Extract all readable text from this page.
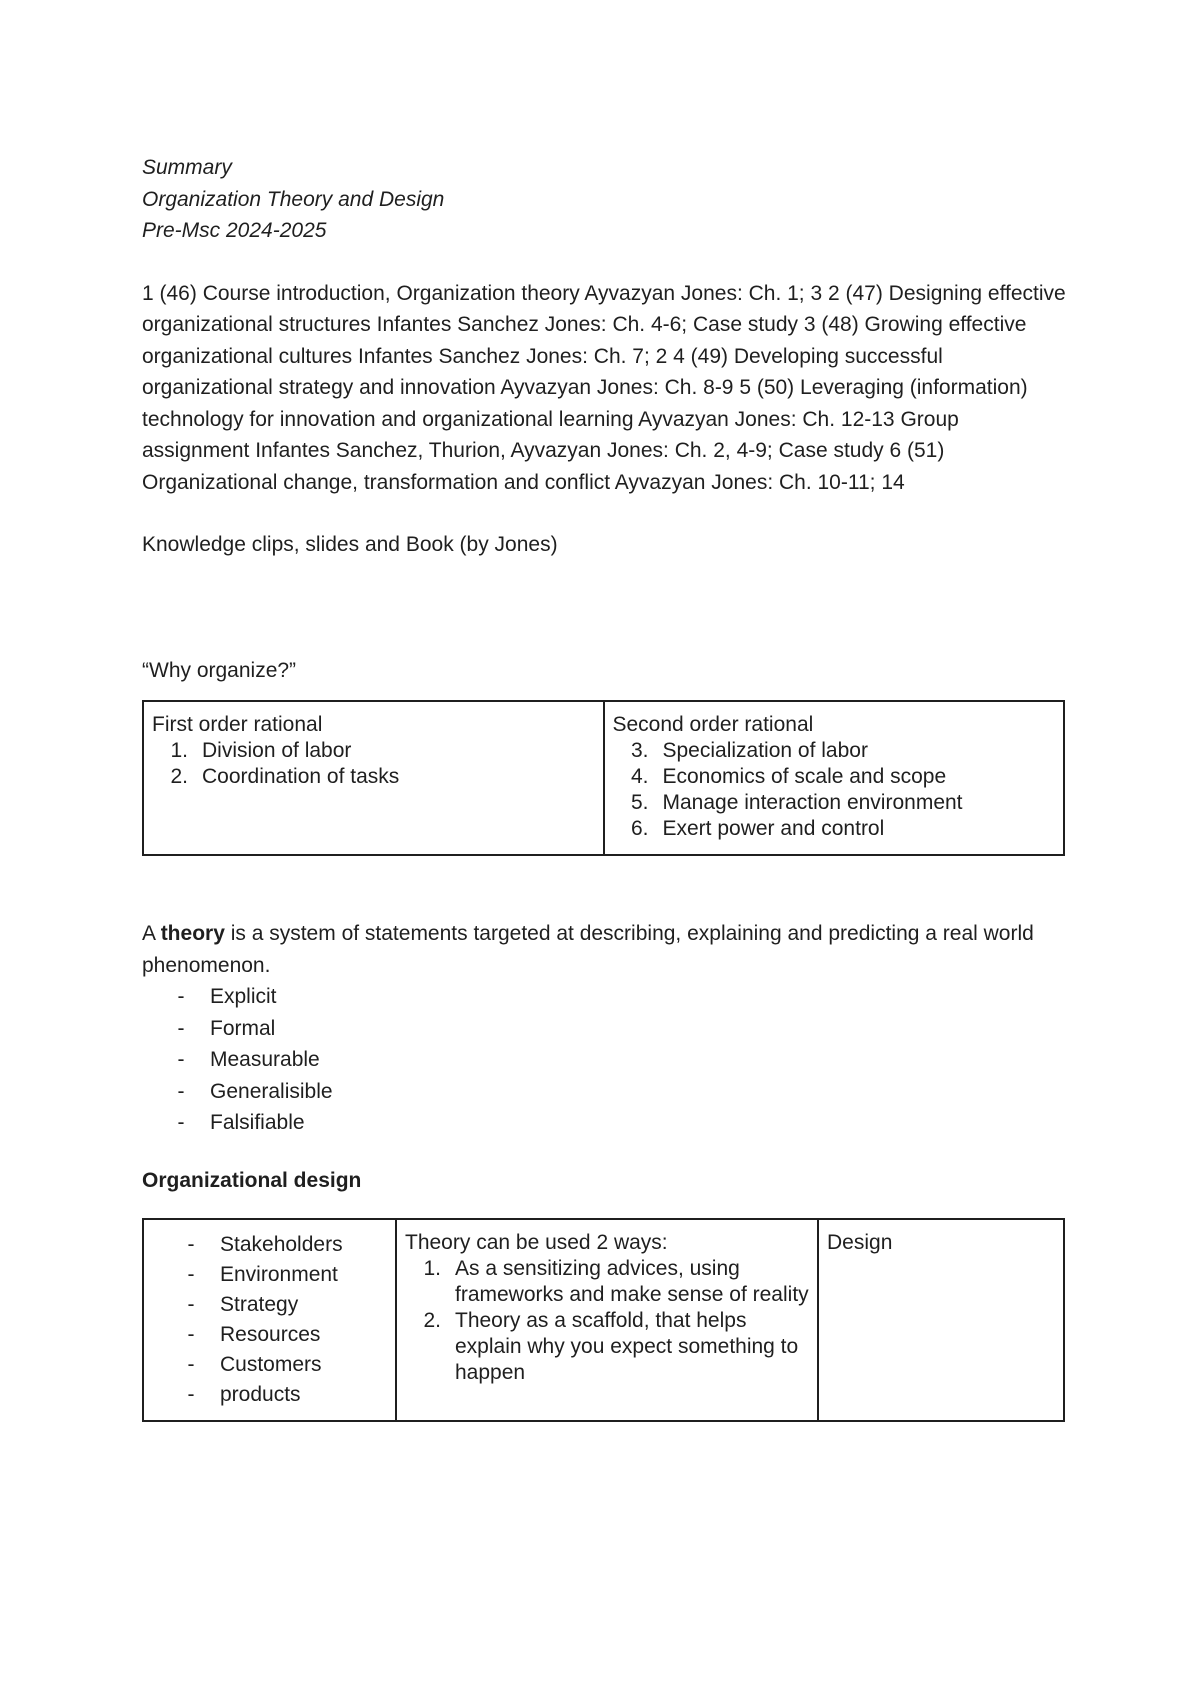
Summary

Organization Theory and Design

Pre-Msc 2024-2025

1 (46) Course introduction, Organization theory Ayvazyan Jones: Ch. 1; 3 2 (47) Designing effective organizational structures Infantes Sanchez Jones: Ch. 4-6; Case study 3 (48) Growing effective organizational cultures Infantes Sanchez Jones: Ch. 7; 2 4 (49) Developing successful organizational strategy and innovation Ayvazyan Jones: Ch. 8-9 5 (50) Leveraging (information) technology for innovation and organizational learning Ayvazyan Jones: Ch. 12-13 Group assignment Infantes Sanchez, Thurion, Ayvazyan Jones: Ch. 2, 4-9; Case study 6 (51) Organizational change, transformation and conflict Ayvazyan Jones: Ch. 10-11; 14

Knowledge clips, slides and Book (by Jones)

“Why organize?”

First order rational
1. Division of labor
2. Coordination of tasks

Second order rational
3. Specialization of labor
4. Economics of scale and scope
5. Manage interaction environment
6. Exert power and control

A theory is a system of statements targeted at describing, explaining and predicting a real world phenomenon.

-	Explicit
-	Formal
-	Measurable
-	Generalisible
-	Falsifiable

Organizational design

-	Stakeholders
-	Environment
-	Strategy
-	Resources
-	Customers
-	products

Theory can be used 2 ways:
1. As a sensitizing advices, using frameworks and make sense of reality
2. Theory as a scaffold, that helps explain why you expect something to happen

Design
